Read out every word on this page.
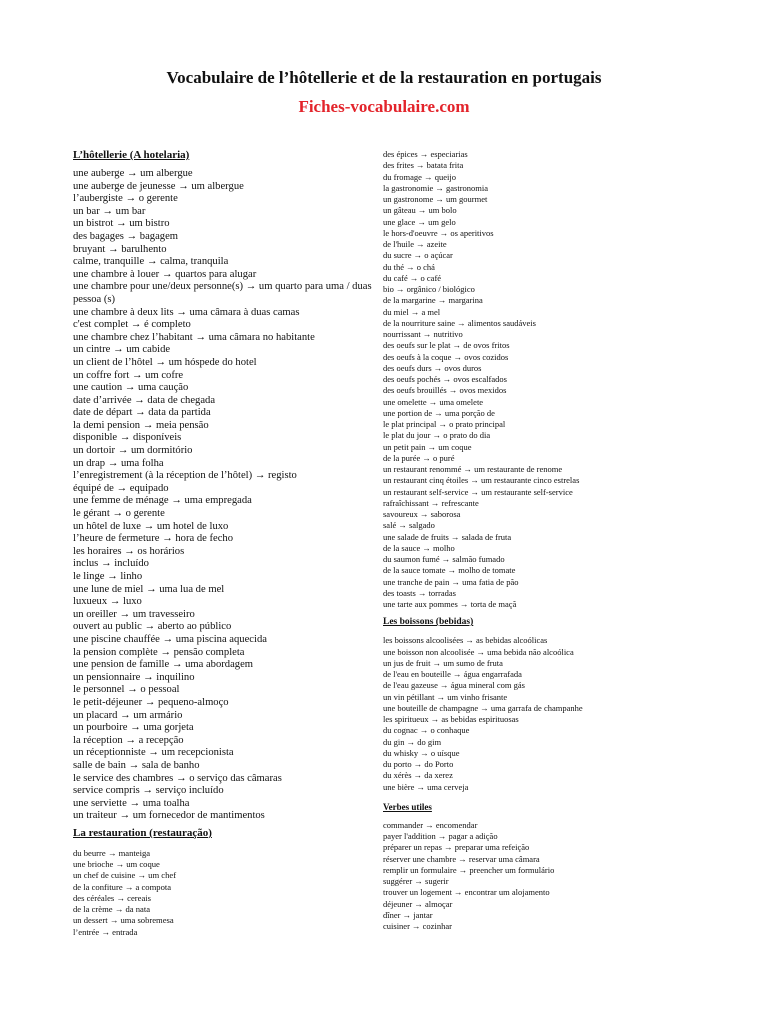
Vocabulaire de l’hôtellerie et de la restauration en portugais
Fiches-vocabulaire.com
L’hôtellerie (A hotelaria)
une auberge → um albergue
une auberge de jeunesse → um albergue
l’aubergiste → o gerente
un bar → um bar
un bistrot → um bistro
des bagages → bagagem
bruyant → barulhento
calme, tranquille → calma, tranquila
une chambre à louer → quartos para alugar
une chambre pour une/deux personne(s) → um quarto para uma / duas pessoa (s)
une chambre à deux lits → uma câmara à duas camas
c'est complet → é completo
une chambre chez l’habitant → uma câmara no habitante
un cintre → um cabide
un client de l’hôtel → um hóspede do hotel
un coffre fort → um cofre
une caution → uma caução
date d’arrivée → data de chegada
date de départ → data da partida
la demi pension → meia pensão
disponible → disponíveis
un dortoir → um dormitório
un drap → uma folha
l’enregistrement (à la réception de l’hôtel) → registo
équipé de → equipado
une femme de ménage → uma empregada
le gérant → o gerente
un hôtel de luxe → um hotel de luxo
l’heure de fermeture → hora de fecho
les horaires → os horários
inclus → incluído
le linge → linho
une lune de miel → uma lua de mel
luxueux → luxo
un oreiller → um travesseiro
ouvert au public → aberto ao público
une piscine chauffée → uma piscina aquecida
la pension complète → pensão completa
une pension de famille → uma abordagem
un pensionnaire → inquilino
le personnel → o pessoal
le petit-déjeuner → pequeno-almoço
un placard → um armário
un pourboire → uma gorjeta
la réception → a recepção
un réceptionniste → um recepcionista
salle de bain → sala de banho
le service des chambres → o serviço das câmaras
service compris → serviço incluído
une serviette → uma toalha
un traiteur → um fornecedor de mantimentos
La restauration (restauração)
du beurre → manteiga
une brioche → um coque
un chef de cuisine → um chef
de la confiture → a compota
des céréales → cereais
de la crème → da nata
un dessert → uma sobremesa
l’entrée → entrada
des épices → especiarias
des frites → batata frita
du fromage → queijo
la gastronomie → gastronomia
un gastronome → um gourmet
un gâteau → um bolo
une glace → um gelo
le hors-d'oeuvre → os aperitivos
de l'huile → azeite
du sucre → o açúcar
du thé → o chá
du café → o café
bio → orgânico / biológico
de la margarine → margarina
du miel → a mel
de la nourriture saine → alimentos saudáveis
nourrissant → nutritivo
des oeufs sur le plat → de ovos fritos
des oeufs à la coque → ovos cozidos
des oeufs durs → ovos duros
des oeufs pochés → ovos escalfados
des oeufs brouillés → ovos mexidos
une omelette → uma omelete
une portion de → uma porção de
le plat principal → o prato principal
le plat du jour → o prato do dia
un petit pain → um coque
de la purée → o puré
un restaurant renommé → um restaurante de renome
un restaurant cinq étoiles → um restaurante cinco estrelas
un restaurant self-service → um restaurante self-service
rafraîchissant → refrescante
savoureux → saborosa
salé → salgado
une salade de fruits → salada de fruta
de la sauce → molho
du saumon fumé → salmão fumado
de la sauce tomate → molho de tomate
une tranche de pain → uma fatia de pão
des toasts → torradas
une tarte aux pommes → torta de maçã
Les boissons (bebidas)
les boissons alcoolisées → as bebidas alcoólicas
une boisson non alcoolisée → uma bebida não alcoólica
un jus de fruit → um sumo de fruta
de l'eau en bouteille → água engarrafada
de l'eau gazeuse → água mineral com gás
un vin pétillant → um vinho frisante
une bouteille de champagne → uma garrafa de champanhe
les spiritueux → as bebidas espirituosas
du cognac → o conhaque
du gin → do gim
du whisky → o uísque
du porto → do Porto
du xérès → da xerez
une bière → uma cerveja
Verbes utiles
commander → encomendar
payer l'addition → pagar a adição
préparer un repas → preparar uma refeição
réserver une chambre → reservar uma câmara
remplir un formulaire → preencher um formulário
suggérer → sugerir
trouver un logement → encontrar um alojamento
déjeuner → almoçar
dîner → jantar
cuisiner → cozinhar
